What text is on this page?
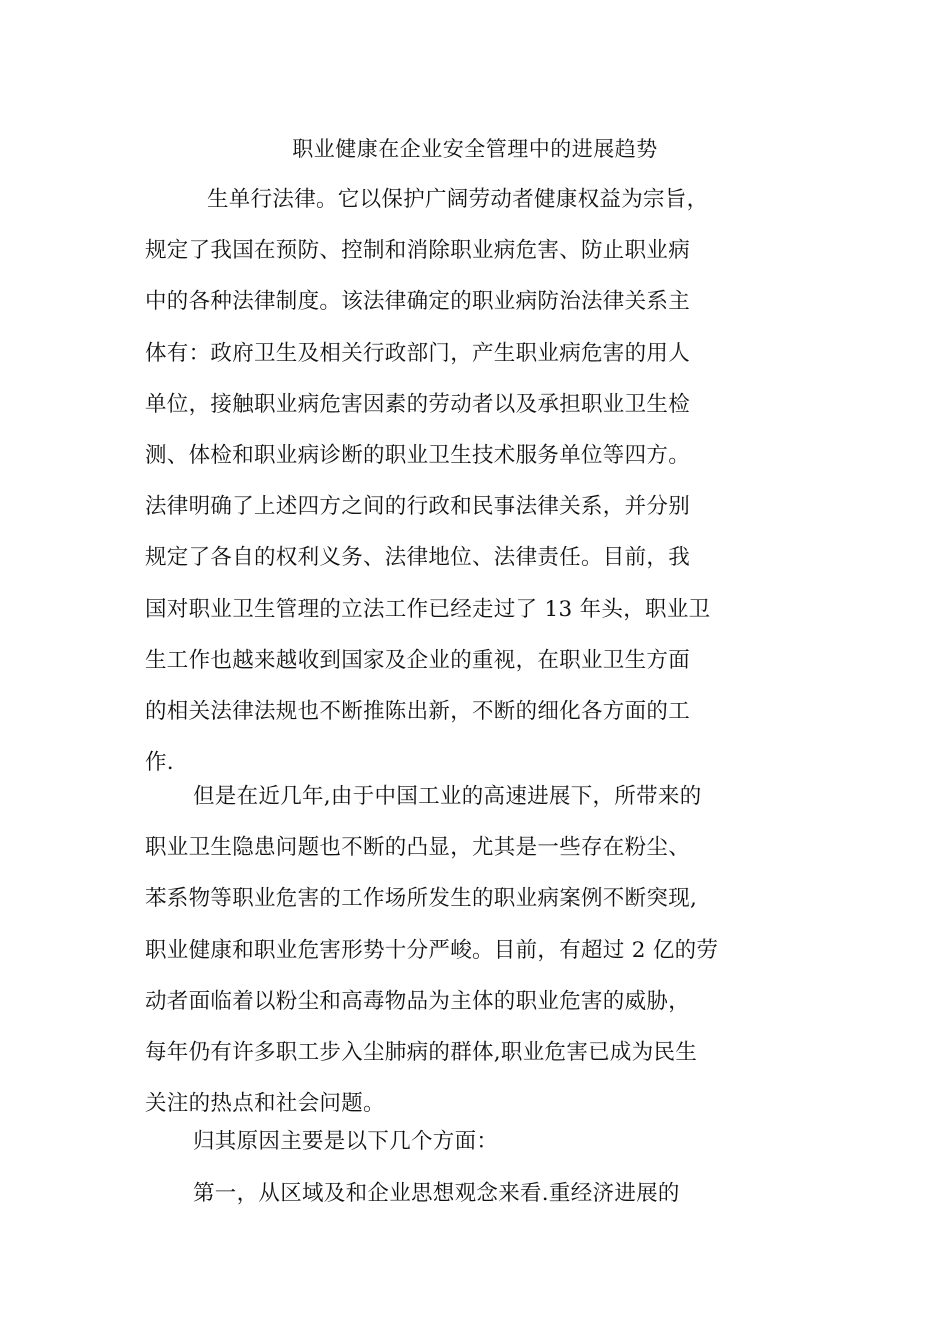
职业健康在企业安全管理中的进展趋势
生单行法律。它以保护广阔劳动者健康权益为宗旨，
规定了我国在预防、控制和消除职业病危害、防止职业病
中的各种法律制度。该法律确定的职业病防治法律关系主
体有：政府卫生及相关行政部门，产生职业病危害的用人
单位，接触职业病危害因素的劳动者以及承担职业卫生检
测、体检和职业病诊断的职业卫生技术服务单位等四方。
法律明确了上述四方之间的行政和民事法律关系，并分别
规定了各自的权利义务、法律地位、法律责任。目前，我
国对职业卫生管理的立法工作已经走过了 13 年头，职业卫
生工作也越来越收到国家及企业的重视，在职业卫生方面
的相关法律法规也不断推陈出新，不断的细化各方面的工
作.
但是在近几年,由于中国工业的高速进展下，所带来的
职业卫生隐患问题也不断的凸显，尤其是一些存在粉尘、
苯系物等职业危害的工作场所发生的职业病案例不断突现,
职业健康和职业危害形势十分严峻。目前，有超过 2 亿的劳
动者面临着以粉尘和高毒物品为主体的职业危害的威胁，
每年仍有许多职工步入尘肺病的群体,职业危害已成为民生
关注的热点和社会问题。
归其原因主要是以下几个方面：
第一，从区域及和企业思想观念来看.重经济进展的
